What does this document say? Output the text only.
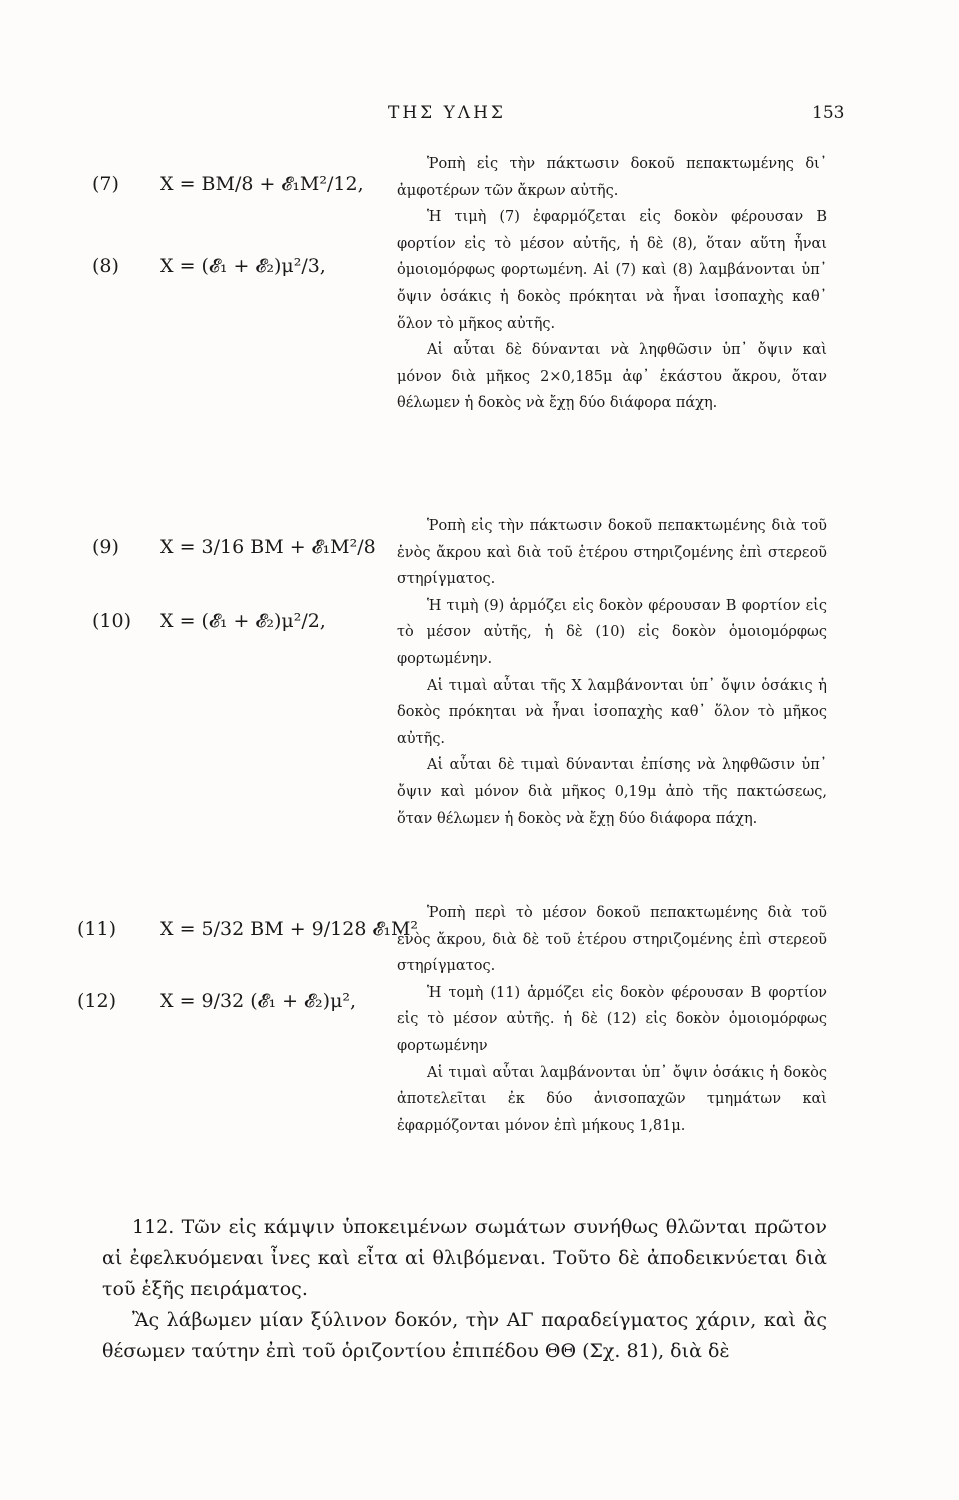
ΤΗΣ ΥΛΗΣ	153
(7) X = BM/8 + 𝓔₁M²/12,
(8) X = (𝓔₁ + 𝓔₂)μ²/3,
(9) X = 3/16 BM + 𝓔₁M²/8
(10) X = (𝓔₁ + 𝓔₂)μ²/2,
(11) X = 5/32 BM + 9/128 𝓔₁M²
(12) X = 9/32 (𝓔₁ + 𝓔₂)μ²,

Ῥοπὴ εἰς τὴν πάκτωσιν δοκοῦ πεπακτωμένης δι᾽ ἀμφοτέρων τῶν ἄκρων αὐτῆς.

Ἡ τιμὴ (7) ἐφαρμόζεται εἰς δοκὸν φέρουσαν Β φορτίον εἰς τὸ μέσον αὐτῆς, ἡ δὲ (8), ὅταν αὕτη ἦναι ὁμοιομόρφως φορτωμένη. Αἱ (7) καὶ (8) λαμβάνονται ὑπ᾽ ὄψιν ὁσάκις ἡ δοκὸς πρόκηται νὰ ἦναι ἰσοπαχὴς καθ᾽ ὅλον τὸ μῆκος αὐτῆς.

Αἱ αὗται δὲ δύνανται νὰ ληφθῶσιν ὑπ᾽ ὄψιν καὶ μόνον διὰ μῆκος 2×0,185μ ἀφ᾽ ἑκάστου ἄκρου, ὅταν θέλωμεν ἡ δοκὸς νὰ ἔχῃ δύο διάφορα πάχη.

Ῥοπὴ εἰς τὴν πάκτωσιν δοκοῦ πεπακτωμένης διὰ τοῦ ἑνὸς ἄκρου καὶ διὰ τοῦ ἑτέρου στηριζομένης ἐπὶ στερεοῦ στηρίγματος.

Ἡ τιμὴ (9) ἁρμόζει εἰς δοκὸν φέρουσαν Β φορτίον εἰς τὸ μέσον αὐτῆς, ἡ δὲ (10) εἰς δοκὸν ὁμοιομόρφως φορτωμένην.

Αἱ τιμαὶ αὗται τῆς Χ λαμβάνονται ὑπ᾽ ὄψιν ὁσάκις ἡ δοκὸς πρόκηται νὰ ἦναι ἰσοπαχὴς καθ᾽ ὅλον τὸ μῆκος αὐτῆς.

Αἱ αὗται δὲ τιμαὶ δύνανται ἐπίσης νὰ ληφθῶσιν ὑπ᾽ ὄψιν καὶ μόνον διὰ μῆκος 0,19μ ἀπὸ τῆς πακτώσεως, ὅταν θέλωμεν ἡ δοκὸς νὰ ἔχῃ δύο διάφορα πάχη.

Ῥοπὴ περὶ τὸ μέσον δοκοῦ πεπακτωμένης διὰ τοῦ ἑνὸς ἄκρου, διὰ δὲ τοῦ ἑτέρου στηριζομένης ἐπὶ στερεοῦ στηρίγματος.

Ἡ τομὴ (11) ἁρμόζει εἰς δοκὸν φέρουσαν Β φορτίον εἰς τὸ μέσον αὐτῆς. ἡ δὲ (12) εἰς δοκὸν ὁμοιομόρφως φορτωμένην

Αἱ τιμαὶ αὗται λαμβάνονται ὑπ᾽ ὄψιν ὁσάκις ἡ δοκὸς ἀποτελεῖται ἐκ δύο ἀνισοπαχῶν τμημάτων καὶ ἐφαρμόζονται μόνον ἐπὶ μήκους 1,81μ.

112. Τῶν εἰς κάμψιν ὑποκειμένων σωμάτων συνήθως θλῶνται πρῶτον αἱ ἐφελκυόμεναι ἶνες καὶ εἶτα αἱ θλιβόμεναι. Τοῦτο δὲ ἀποδεικνύεται διὰ τοῦ ἑξῆς πειράματος.

Ἂς λάβωμεν μίαν ξύλινον δοκόν, τὴν ΑΓ παραδείγματος χάριν, καὶ ἂς θέσωμεν ταύτην ἐπὶ τοῦ ὁριζοντίου ἐπιπέδου ΘΘ (Σχ. 81), διὰ δὲ
